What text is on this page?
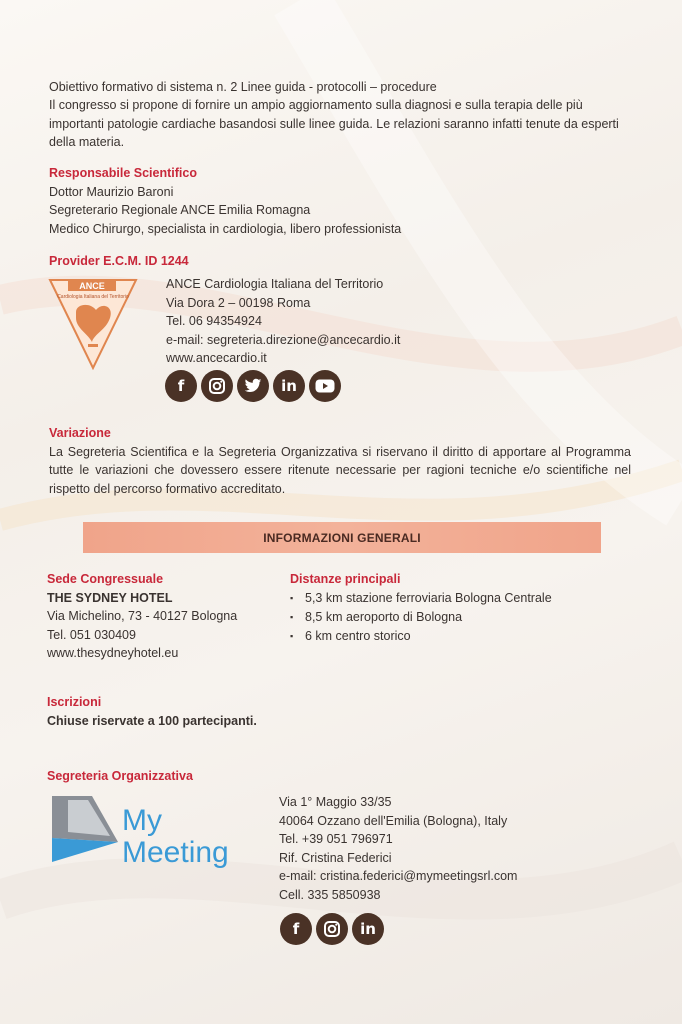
Obiettivo formativo di sistema n. 2 Linee guida - protocolli – procedure
Il congresso si propone di fornire un ampio aggiornamento sulla diagnosi e sulla terapia delle più importanti patologie cardiache basandosi sulle linee guida. Le relazioni saranno infatti tenute da esperti della materia.
Responsabile Scientifico
Dottor Maurizio Baroni
Segreterario Regionale ANCE Emilia Romagna
Medico Chirurgo, specialista in cardiologia, libero professionista
Provider E.C.M. ID 1244
ANCE
Cardiologia Italiana del Territorio
ANCE Cardiologia Italiana del Territorio
Via Dora 2 – 00198 Roma
Tel. 06 94354924
e-mail: segreteria.direzione@ancecardio.it
www.ancecardio.it
f	in
Variazione
La Segreteria Scientifica e la Segreteria Organizzativa si riservano il diritto di apportare al Programma tutte le variazioni che dovessero essere ritenute necessarie per ragioni tecniche e/o scientifiche nel rispetto del percorso formativo accreditato.
INFORMAZIONI GENERALI
Sede Congressuale
THE SYDNEY HOTEL
Via Michelino, 73 - 40127 Bologna
Tel. 051 030409
www.thesydneyhotel.eu
Distanze principali
▪ 5,3 km stazione ferroviaria Bologna Centrale
▪ 8,5 km aeroporto di Bologna
▪ 6 km centro storico
Iscrizioni
Chiuse riservate a 100 partecipanti.
Segreteria Organizzativa
My
Meeting
Via 1° Maggio 33/35
40064 Ozzano dell'Emilia (Bologna), Italy
Tel. +39 051 796971
Rif. Cristina Federici
e-mail: cristina.federici@mymeetingsrl.com
Cell. 335 5850938
f	in
